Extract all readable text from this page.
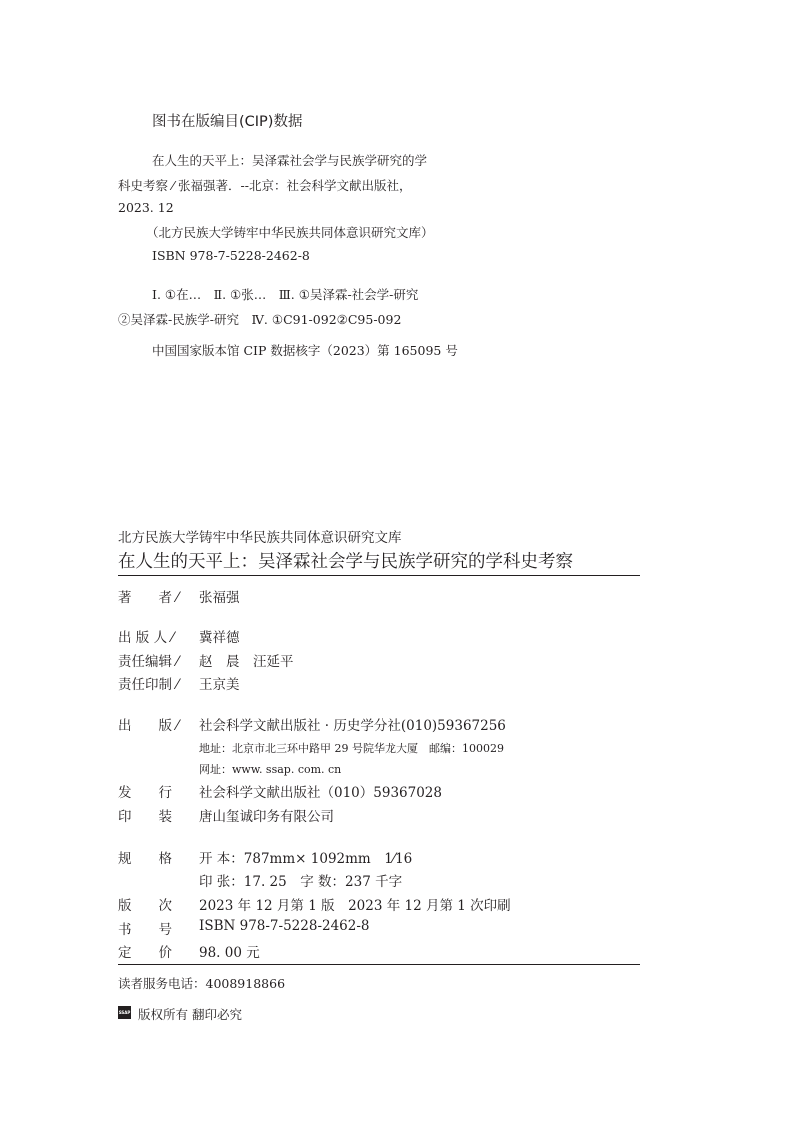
图书在版编目(CIP)数据
在人生的天平上：吴泽霖社会学与民族学研究的学
科史考察 ⁄ 张福强著．--北京：社会科学文献出版社，
2023. 12
（北方民族大学铸牢中华民族共同体意识研究文库）
ISBN 978-7-5228-2462-8
Ⅰ. ①在…　Ⅱ. ①张…　Ⅲ. ①吴泽霖-社会学-研究
②吴泽霖-民族学-研究　Ⅳ. ①C91-092②C95-092
中国国家版本馆 CIP 数据核字（2023）第 165095 号
北方民族大学铸牢中华民族共同体意识研究文库
在人生的天平上：吴泽霖社会学与民族学研究的学科史考察
著　　者 ⁄ 张福强
出 版 人 ⁄ 冀祥德
责任编辑 ⁄ 赵　晨　汪延平
责任印制 ⁄ 王京美
出　　版 ⁄ 社会科学文献出版社 · 历史学分社(010)59367256
地址：北京市北三环中路甲 29 号院华龙大厦　邮编：100029
网址：www. ssap. com. cn
发　　行 社会科学文献出版社（010）59367028
印　　装 唐山玺诚印务有限公司
规　　格 开 本：787mm× 1092mm　1⁄16
印 张：17. 25　字 数：237 千字
版　　次 2023 年 12 月第 1 版　2023 年 12 月第 1 次印刷
书　　号 ISBN 978-7-5228-2462-8
定　　价 98. 00 元
读者服务电话：4008918866
SSAP 版权所有 翻印必究
